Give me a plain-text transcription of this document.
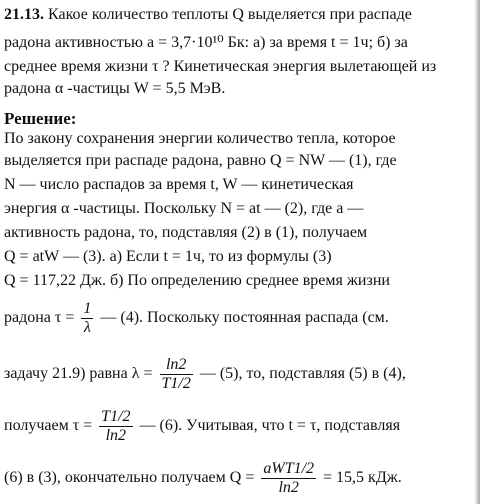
21.13. Какое количество теплоты Q выделяется при распаде
радона активностью a = 3,7·10¹⁰ Бк: а) за время t = 1ч; б) за
среднее время жизни τ ? Кинетическая энергия вылетающей из
радона α -частицы W = 5,5 МэВ.
Решение:
По закону сохранения энергии количество тепла, которое
выделяется при распаде радона, равно Q = NW — (1), где
N — число распадов за время t, W — кинетическая
энергия α -частицы. Поскольку N = at — (2), где a —
активность радона, то, подставляя (2) в (1), получаем
Q = atW — (3). а) Если t = 1ч, то из формулы (3)
Q = 117,22 Дж. б) По определению среднее время жизни
радона $\tau = \frac{1}{\lambda}$ — (4). Поскольку постоянная распада (см.
задачу 21.9) равна $\lambda = \frac{\ln 2}{T1/2}$ — (5), то, подставляя (5) в (4),
получаем $\tau = \frac{T1/2}{\ln 2}$ — (6). Учитывая, что t = τ, подставляя
(6) в (3), окончательно получаем $Q = \frac{\text{aWT1/2}}{\ln 2} = 15,5$ кДж.
